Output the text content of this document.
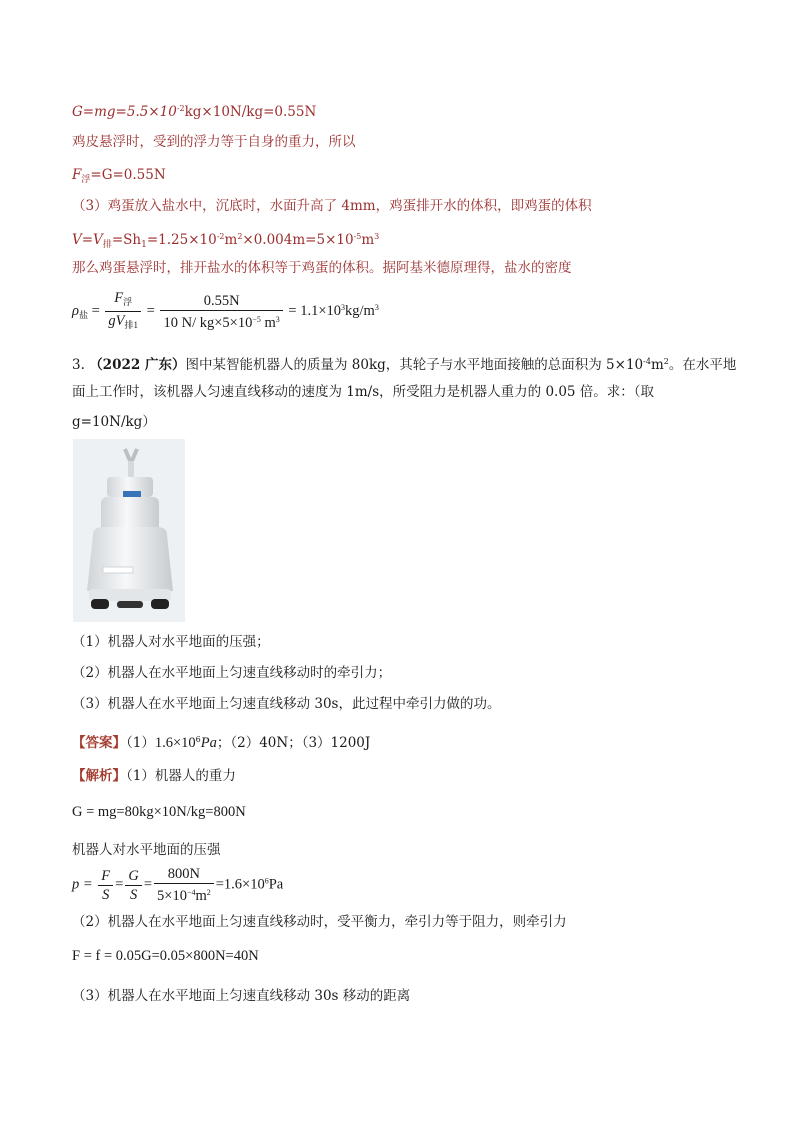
$G=mg=5.5\times 10^{-2}kg\times 10N/kg=0.55N$
鸡皮悬浮时，受到的浮力等于自身的重力，所以
$F_浮=G=0.55N$
（3）鸡蛋放入盐水中，沉底时，水面升高了 4mm，鸡蛋排开水的体积，即鸡蛋的体积
$V=V_排=Sh_1=1.25\times 10^{-2}m^2\times 0.004m=5\times 10^{-5}m^3$
那么鸡蛋悬浮时，排开盐水的体积等于鸡蛋的体积。据阿基米德原理得，盐水的密度
$\rho_盐 = \frac{F_浮}{gV_{排1}} = \frac{0.55N}{10 N/ kg\times 5\times 10^{-5} m^3} = 1.1\times 10^3kg/m^3$
3. （2022 广东）图中某智能机器人的质量为 80kg，其轮子与水平地面接触的总面积为 $5\times 10^{-4}m^2$。在水平地
面上工作时，该机器人匀速直线移动的速度为 1m/s，所受阻力是机器人重力的 0.05 倍。求：（取
g=10N/kg）
（1）机器人对水平地面的压强；
（2）机器人在水平地面上匀速直线移动时的牵引力；
（3）机器人在水平地面上匀速直线移动 30s，此过程中牵引力做的功。
【答案】$(1)1.6\times 10^6Pa$；（2）40N；（3）1200J
【解析】（1）机器人的重力
G = mg=80kg×10N/kg=800N
机器人对水平地面的压强
$p = \frac{F}{S} = \frac{G}{S} = \frac{800N}{5\times 10^{-4}m^2} =1.6\times 10^6Pa$
（2）机器人在水平地面上匀速直线移动时，受平衡力，牵引力等于阻力，则牵引力
F = f = 0.05G=0.05×800N=40N
（3）机器人在水平地面上匀速直线移动 30s 移动的距离
